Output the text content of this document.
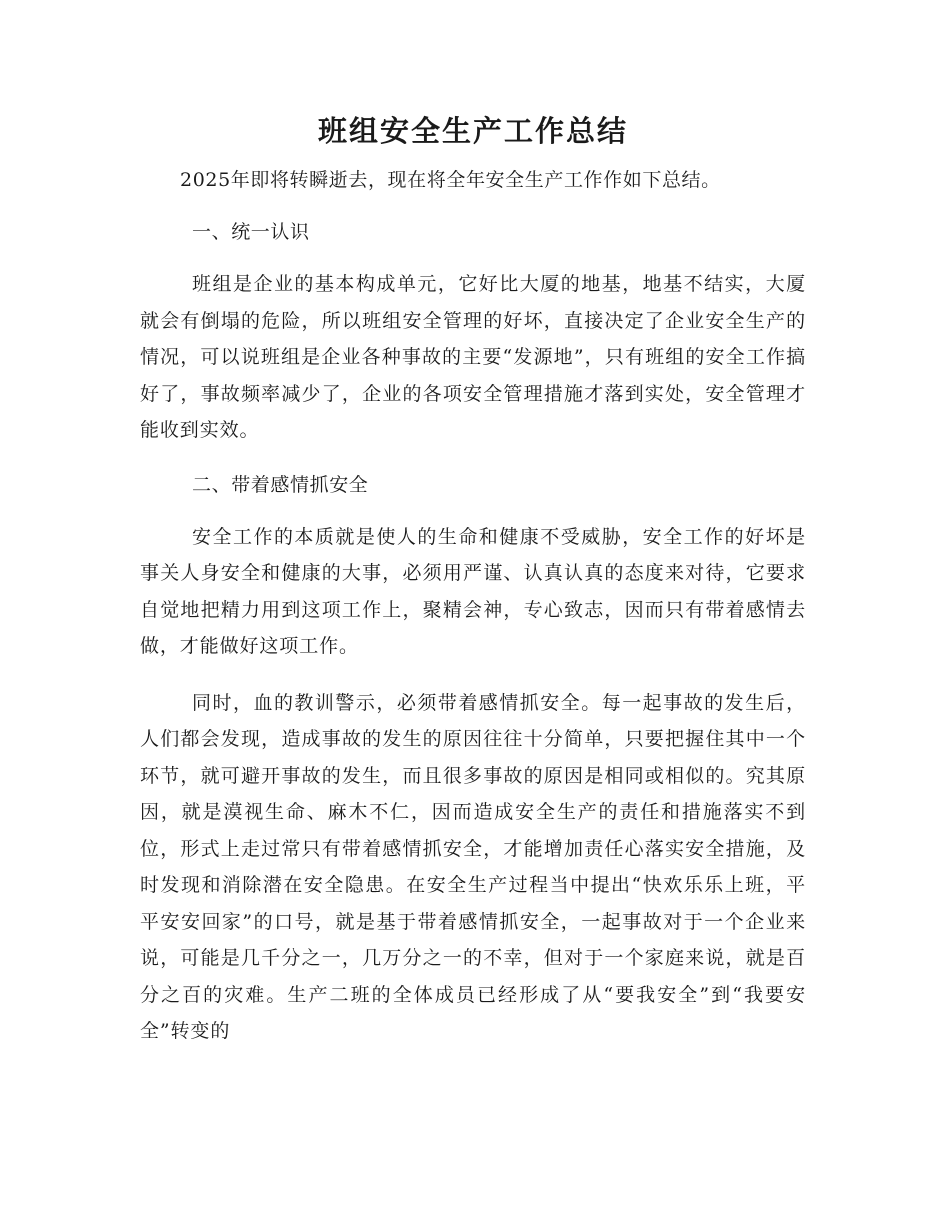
班组安全生产工作总结

2025年即将转瞬逝去，现在将全年安全生产工作作如下总结。

一、统一认识

班组是企业的基本构成单元，它好比大厦的地基，地基不结实，大厦就会有倒塌的危险，所以班组安全管理的好坏，直接决定了企业安全生产的情况，可以说班组是企业各种事故的主要“发源地”，只有班组的安全工作搞好了，事故频率减少了，企业的各项安全管理措施才落到实处，安全管理才能收到实效。

二、带着感情抓安全

安全工作的本质就是使人的生命和健康不受威胁，安全工作的好坏是事关人身安全和健康的大事，必须用严谨、认真认真的态度来对待，它要求自觉地把精力用到这项工作上，聚精会神，专心致志，因而只有带着感情去做，才能做好这项工作。

同时，血的教训警示，必须带着感情抓安全。每一起事故的发生后，人们都会发现，造成事故的发生的原因往往十分简单，只要把握住其中一个环节，就可避开事故的发生，而且很多事故的原因是相同或相似的。究其原因，就是漠视生命、麻木不仁，因而造成安全生产的责任和措施落实不到位，形式上走过常只有带着感情抓安全，才能增加责任心落实安全措施，及时发现和消除潜在安全隐患。在安全生产过程当中提出“快欢乐乐上班，平平安安回家”的口号，就是基于带着感情抓安全，一起事故对于一个企业来说，可能是几千分之一，几万分之一的不幸，但对于一个家庭来说，就是百分之百的灾难。生产二班的全体成员已经形成了从“要我安全”到“我要安全”转变的
